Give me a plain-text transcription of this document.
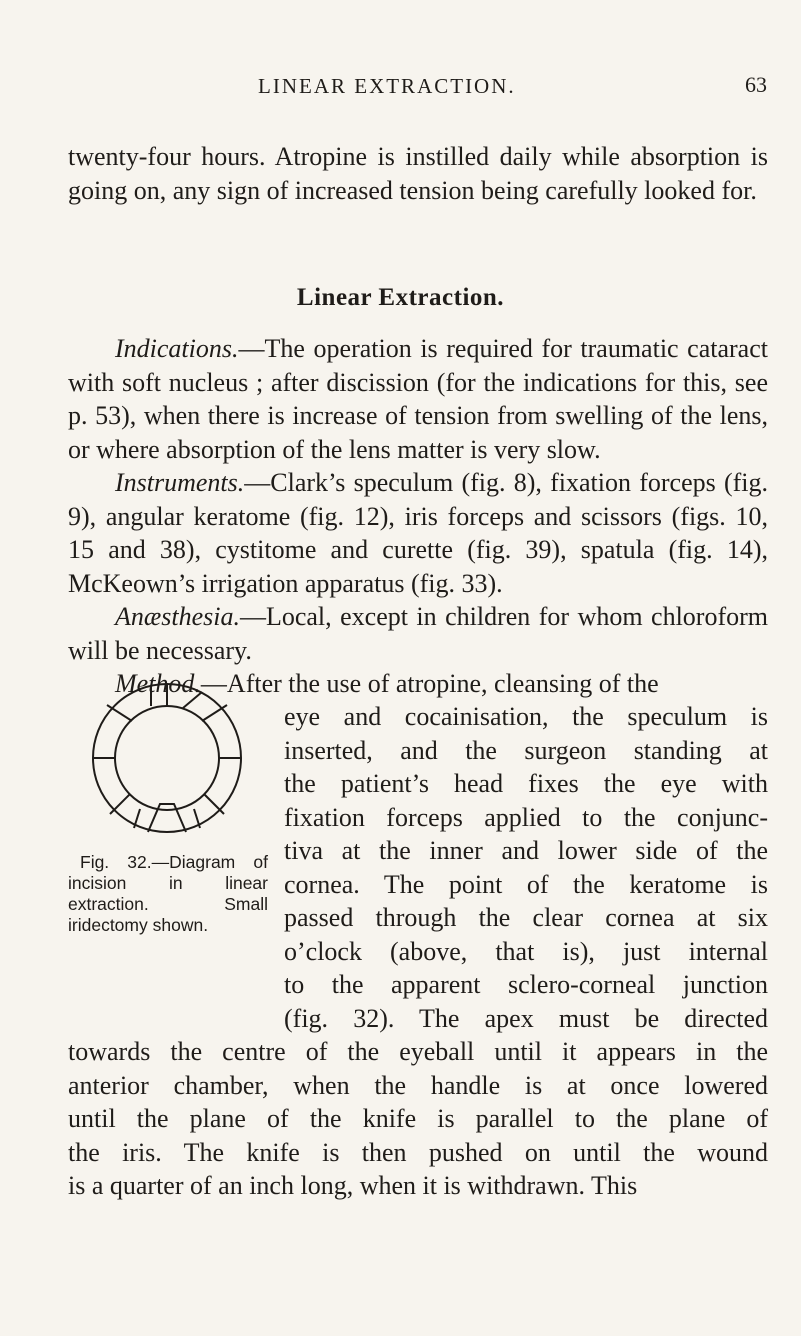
LINEAR EXTRACTION.	63

twenty-four hours. Atropine is instilled daily while absorption is going on, any sign of increased tension being carefully looked for.

Linear Extraction.

Indications.—The operation is required for traumatic cataract with soft nucleus ; after discission (for the indications for this, see p. 53), when there is increase of tension from swelling of the lens, or where absorption of the lens matter is very slow.

Instruments.—Clark’s speculum (fig. 8), fixation forceps (fig. 9), angular keratome (fig. 12), iris forceps and scissors (figs. 10, 15 and 38), cystitome and curette (fig. 39), spatula (fig. 14), McKeown’s irrigation apparatus (fig. 33).

Anæsthesia.—Local, except in children for whom chloroform will be necessary.

Method.—After the use of atropine, cleansing of the

Fig. 32.—Diagram of incision in linear extraction. Small iridectomy shown.

eye and cocainisation, the speculum is

inserted, and the surgeon standing at

the patient’s head fixes the eye with

fixation forceps applied to the conjunc-

tiva at the inner and lower side of the

cornea. The point of the keratome is

passed through the clear cornea at six

o’clock (above, that is), just internal

to the apparent sclero-corneal junction

(fig. 32). The apex must be directed

towards the centre of the eyeball until it appears in the

anterior chamber, when the handle is at once lowered

until the plane of the knife is parallel to the plane of

the iris. The knife is then pushed on until the wound

is a quarter of an inch long, when it is withdrawn. This
